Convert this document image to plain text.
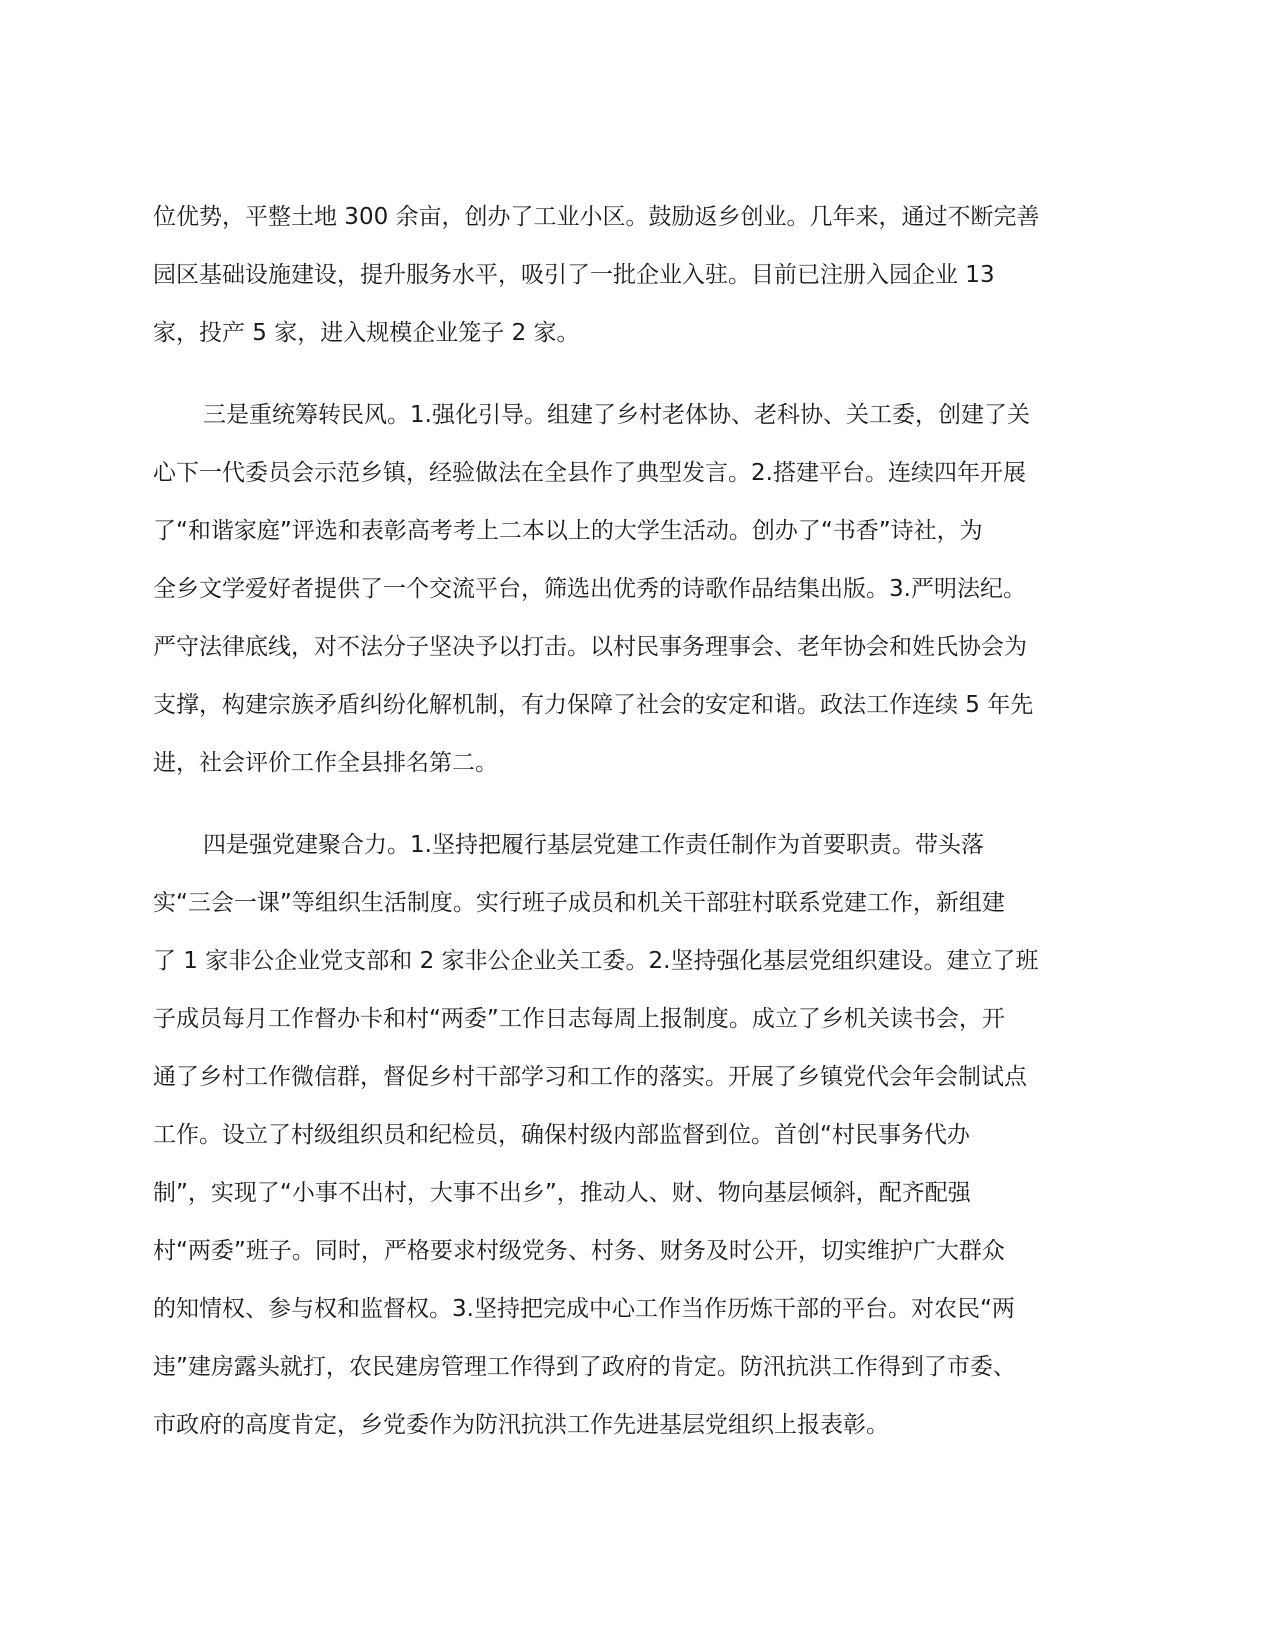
位优势，平整土地 300 余亩，创办了工业小区。鼓励返乡创业。几年来，通过不断完善
园区基础设施建设，提升服务水平，吸引了一批企业入驻。目前已注册入园企业 13
家，投产 5 家，进入规模企业笼子 2 家。
三是重统筹转民风。1.强化引导。组建了乡村老体协、老科协、关工委，创建了关
心下一代委员会示范乡镇，经验做法在全县作了典型发言。2.搭建平台。连续四年开展
了“和谐家庭”评选和表彰高考考上二本以上的大学生活动。创办了“书香”诗社，为
全乡文学爱好者提供了一个交流平台，筛选出优秀的诗歌作品结集出版。3.严明法纪。
严守法律底线，对不法分子坚决予以打击。以村民事务理事会、老年协会和姓氏协会为
支撑，构建宗族矛盾纠纷化解机制，有力保障了社会的安定和谐。政法工作连续 5 年先
进，社会评价工作全县排名第二。
四是强党建聚合力。1.坚持把履行基层党建工作责任制作为首要职责。带头落
实“三会一课”等组织生活制度。实行班子成员和机关干部驻村联系党建工作，新组建
了 1 家非公企业党支部和 2 家非公企业关工委。2.坚持强化基层党组织建设。建立了班
子成员每月工作督办卡和村“两委”工作日志每周上报制度。成立了乡机关读书会，开
通了乡村工作微信群，督促乡村干部学习和工作的落实。开展了乡镇党代会年会制试点
工作。设立了村级组织员和纪检员，确保村级内部监督到位。首创“村民事务代办
制”，实现了“小事不出村，大事不出乡”，推动人、财、物向基层倾斜，配齐配强
村“两委”班子。同时，严格要求村级党务、村务、财务及时公开，切实维护广大群众
的知情权、参与权和监督权。3.坚持把完成中心工作当作历炼干部的平台。对农民“两
违”建房露头就打，农民建房管理工作得到了政府的肯定。防汛抗洪工作得到了市委、
市政府的高度肯定，乡党委作为防汛抗洪工作先进基层党组织上报表彰。
